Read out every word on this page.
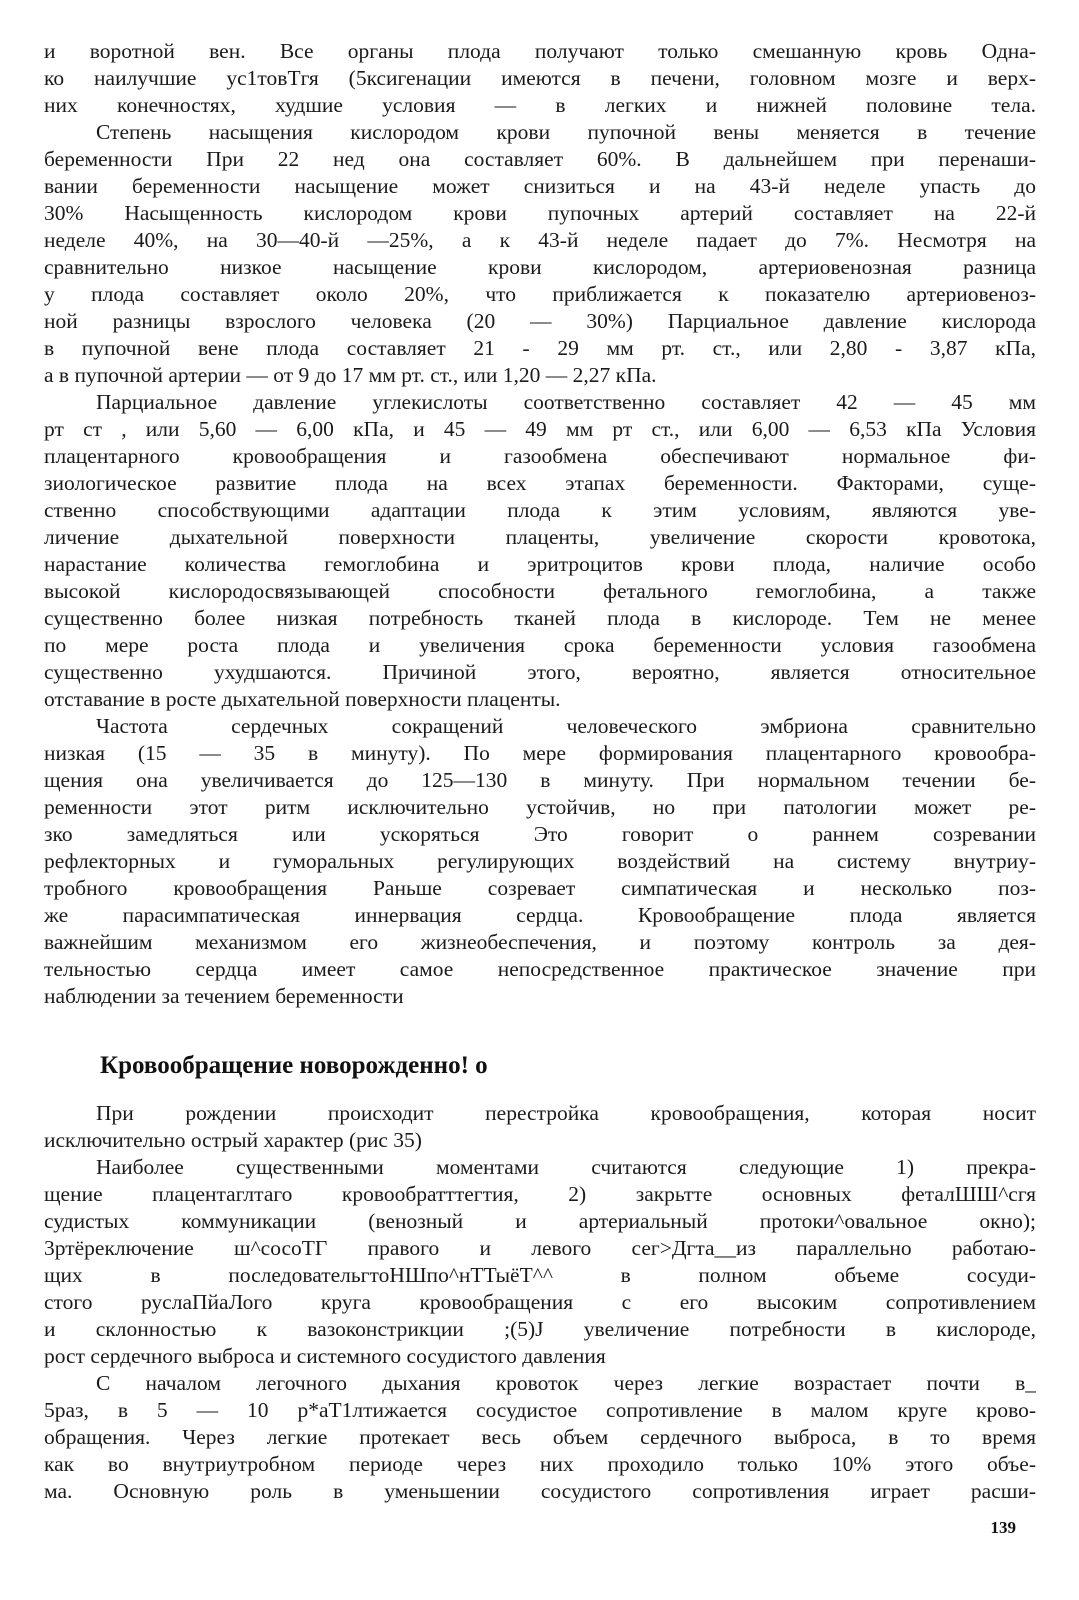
и воротной вен. Все органы плода получают только смешанную кровь Однa-
ко наилучшие ус1товТгя (5ксигенации имеются в печени, головном мозге и верх-
них конечностях, худшие условия — в легких и нижней половине тела.
Степень насыщения кислородом крови пупочной вены меняется в течение
беременности При 22 нед она составляет 60%. В дальнейшем при перенаши-
вании беременности насыщение может снизиться и на 43-й неделе упасть до
30% Насыщенность кислородом крови пупочных артерий составляет на 22-й
неделе 40%, на 30—40-й —25%, а к 43-й неделе падает до 7%. Несмотря на
сравнительно низкое насыщение крови кислородом, артериовенозная разница
у плода составляет около 20%, что приближается к показателю артериовеноз-
ной разницы взрослого человека (20 — 30%) Парциальное давление кислорода
в пупочной вене плода составляет 21 - 29 мм рт. ст., или 2,80 - 3,87 кПа,
а в пупочной артерии — от 9 до 17 мм рт. ст., или 1,20 — 2,27 кПа.
Парциальное давление углекислоты соответственно составляет 42 — 45 мм
рт ст , или 5,60 — 6,00 кПа, и 45 — 49 мм рт ст., или 6,00 — 6,53 кПа Условия
плацентарного кровообращения и газообмена обеспечивают нормальное фи-
зиологическое развитие плода на всех этапах беременности. Факторами, суще-
ственно способствующими адаптации плода к этим условиям, являются уве-
личение дыхательной поверхности плаценты, увеличение скорости кровотока,
нарастание количества гемоглобина и эритроцитов крови плода, наличие особо
высокой кислородосвязывающей способности фетального гемоглобина, а также
существенно более низкая потребность тканей плода в кислороде. Тем не менее
по мере роста плода и увеличения срока беременности условия газообмена
существенно ухудшаются. Причиной этого, вероятно, является относительное
отставание в росте дыхательной поверхности плаценты.
Частота сердечных сокращений человеческого эмбриона сравнительно
низкая (15 — 35 в минуту). По мере формирования плацентарного кровообра-
щения она увеличивается до 125—130 в минуту. При нормальном течении бе-
ременности этот ритм исключительно устойчив, но при патологии может ре-
зко замедляться или ускоряться Это говорит о раннем созревании
рефлекторных и гуморальных регулирующих воздействий на систему внутриу-
тробного кровообращения Раньше созревает симпатическая и несколько поз-
же парасимпатическая иннервация сердца. Кровообращение плода является
важнейшим механизмом его жизнеобеспечения, и поэтому контроль за дея-
тельностью сердца имеет самое непосредственное практическое значение при
наблюдении за течением беременности
Кровообращение новорожденно! о
При рождении происходит перестройка кровообращения, которая носит
исключительно острый характер (рис 35)
Наиболее существенными моментами считаются следующие 1) прекра-
щение плацентаглтаго кровообратттегтия, 2) закрьтте основных феталШШ^сгя
судистых коммуникации (венозный и артериальный протоки^овальное окно);
3ртёреключение ш^сосоТГ правого и левого сег>Дгта__из параллельно работаю-
щих в последовательгтоНШпо^нТТыёТ^^ в полном объеме сосуди-
стого руслаПйаЛого круга кровообращения с его высоким сопротивлением
и склонностью к вазоконстрикции ;(5)J увеличение потребности в кислороде,
рост сердечного выброса и системного сосудистого давления
С началом легочного дыхания кровоток через легкие возрастает почти в_
5раз, в 5 — 10 р*аТ1лтижается сосудистое сопротивление в малом круге крово-
обращения. Через легкие протекает весь объем сердечного выброса, в то время
как во внутриутробном периоде через них проходило только 10% этого объе-
ма. Основную роль в уменьшении сосудистого сопротивления играет расши-
139
